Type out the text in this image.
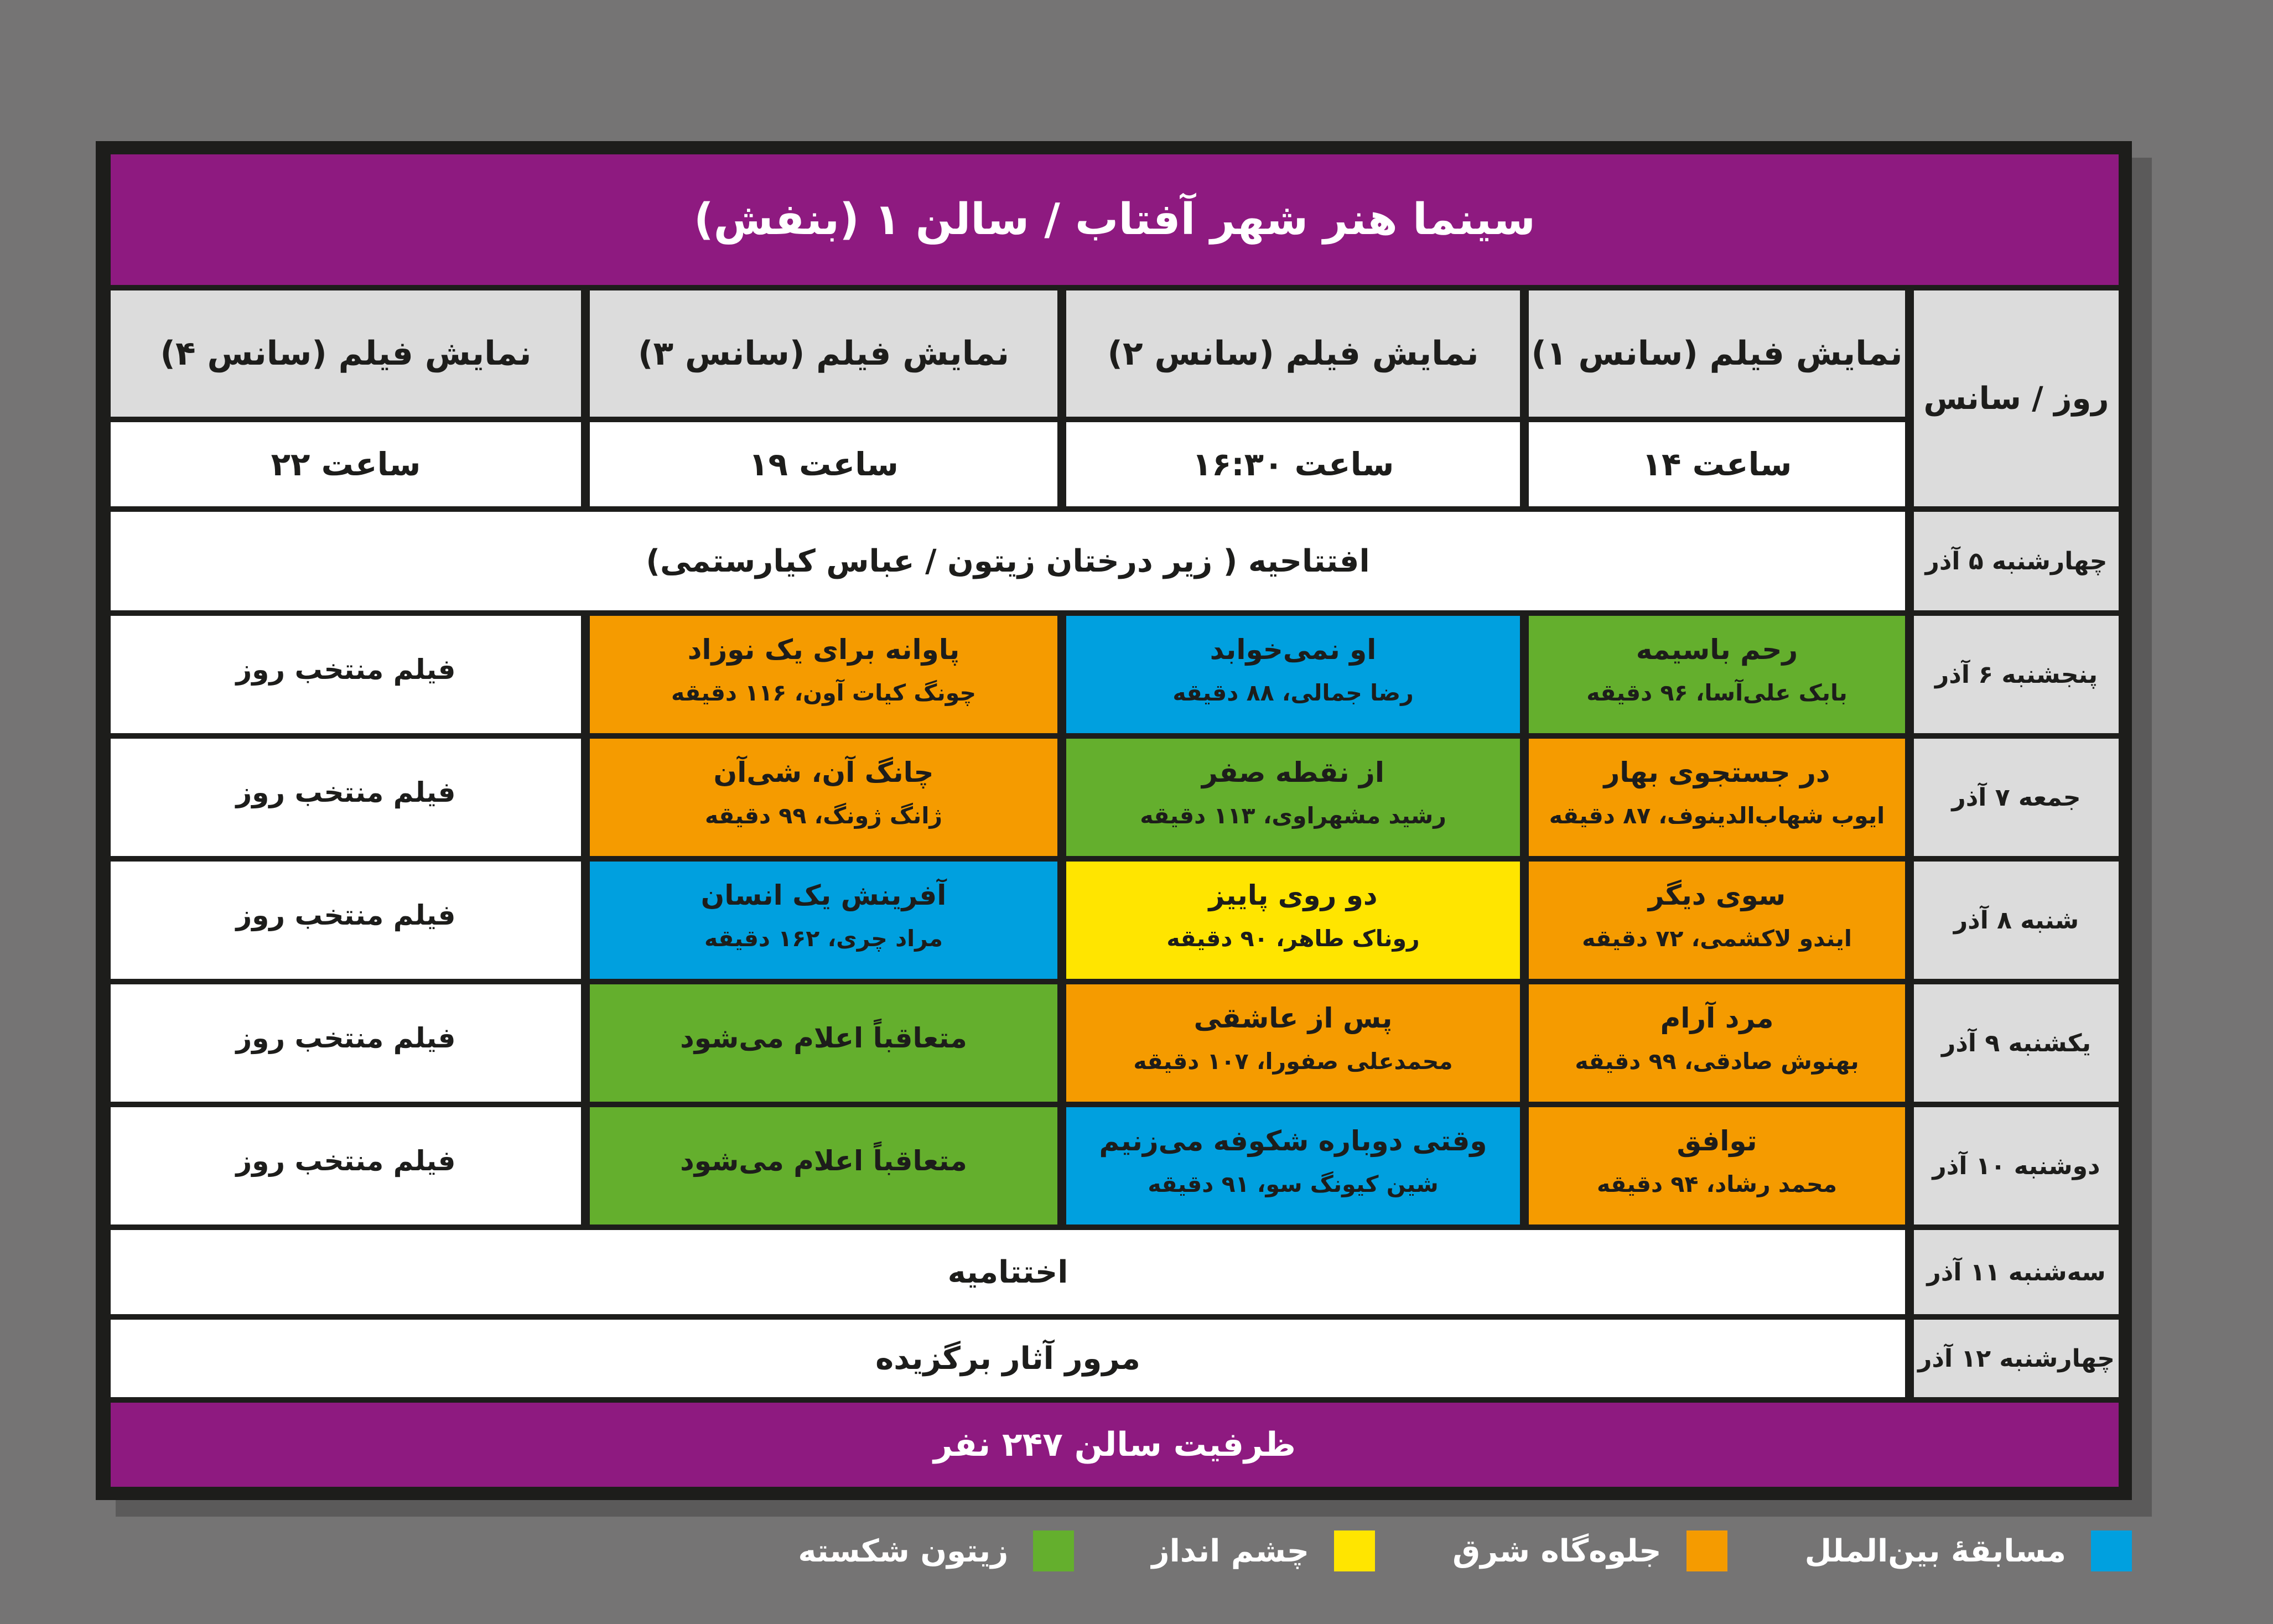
سینما هنر شهر آفتاب / سالن ۱ (بنفش)
روز / سانس
نمایش فیلم (سانس ۱)
نمایش فیلم (سانس ۲)
نمایش فیلم (سانس ۳)
نمایش فیلم (سانس ۴)
ساعت ۱۴
ساعت ۱۶:۳۰
ساعت ۱۹
ساعت ۲۲
چهارشنبه ۵ آذر
افتتاحیه ( زیر درختان زیتون / عباس کیارستمی)
پنجشنبه ۶ آذر
رحم باسیمه
بابک علی‌آسا، ۹۶ دقیقه
او نمی‌خوابد
رضا جمالی، ۸۸ دقیقه
پاوانه برای یک نوزاد
چونگ کیات آون، ۱۱۶ دقیقه
فیلم منتخب روز
جمعه ۷ آذر
در جستجوی بهار
ایوب شهاب‌الدینوف، ۸۷ دقیقه
از نقطه صفر
رشید مشهراوی، ۱۱۳ دقیقه
چانگ آن، شی‌آن
ژانگ ژونگ، ۹۹ دقیقه
فیلم منتخب روز
شنبه ۸ آذر
سوی دیگر
ایندو لاکشمی، ۷۲ دقیقه
دو روی پاییز
روناک طاهر، ۹۰ دقیقه
آفرینش یک انسان
مراد چری، ۱۶۲ دقیقه
فیلم منتخب روز
یکشنبه ۹ آذر
مرد آرام
بهنوش صادقی، ۹۹ دقیقه
پس از عاشقی
محمدعلی صفورا، ۱۰۷ دقیقه
متعاقباً اعلام می‌شود
فیلم منتخب روز
دوشنبه ۱۰ آذر
توافق
محمد رشاد، ۹۴ دقیقه
وقتی دوباره شکوفه می‌زنیم
شین کیونگ سو، ۹۱ دقیقه
متعاقباً اعلام می‌شود
فیلم منتخب روز
سه‌شنبه ۱۱ آذر
اختتامیه
چهارشنبه ۱۲ آذر
مرور آثار برگزیده
ظرفیت سالن ۲۴۷ نفر
مسابقهٔ بین‌الملل
جلوه‌گاه شرق
چشم انداز
زیتون شکسته
